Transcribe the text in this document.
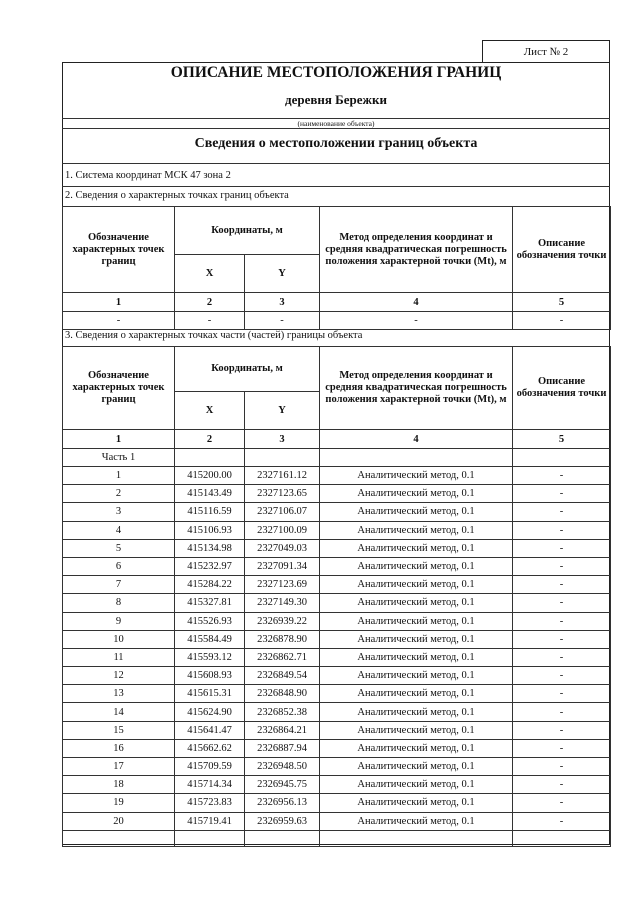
Лист № 2
ОПИСАНИЕ МЕСТОПОЛОЖЕНИЯ ГРАНИЦ
деревня Бережки
(наименование объекта)
Сведения о местоположении границ объекта
1. Система координат МСК 47 зона 2
2. Сведения о характерных точках границ объекта
Обозначение характерных точек границ	Координаты, м		Метод определения координат и средняя квадратическая погрешность положения характерной точки (Mt), м	Описание обозначения точки
	X	Y		
1	2	3	4	5
-	-	-	-	-
3. Сведения о характерных точках части (частей) границы объекта
Обозначение характерных точек границ	Координаты, м		Метод определения координат и средняя квадратическая погрешность положения характерной точки (Mt), м	Описание обозначения точки
	X	Y		
1	2	3	4	5
Часть 1				
1	415200.00	2327161.12	Аналитический метод, 0.1	-
2	415143.49	2327123.65	Аналитический метод, 0.1	-
3	415116.59	2327106.07	Аналитический метод, 0.1	-
4	415106.93	2327100.09	Аналитический метод, 0.1	-
5	415134.98	2327049.03	Аналитический метод, 0.1	-
6	415232.97	2327091.34	Аналитический метод, 0.1	-
7	415284.22	2327123.69	Аналитический метод, 0.1	-
8	415327.81	2327149.30	Аналитический метод, 0.1	-
9	415526.93	2326939.22	Аналитический метод, 0.1	-
10	415584.49	2326878.90	Аналитический метод, 0.1	-
11	415593.12	2326862.71	Аналитический метод, 0.1	-
12	415608.93	2326849.54	Аналитический метод, 0.1	-
13	415615.31	2326848.90	Аналитический метод, 0.1	-
14	415624.90	2326852.38	Аналитический метод, 0.1	-
15	415641.47	2326864.21	Аналитический метод, 0.1	-
16	415662.62	2326887.94	Аналитический метод, 0.1	-
17	415709.59	2326948.50	Аналитический метод, 0.1	-
18	415714.34	2326945.75	Аналитический метод, 0.1	-
19	415723.83	2326956.13	Аналитический метод, 0.1	-
20	415719.41	2326959.63	Аналитический метод, 0.1	-
